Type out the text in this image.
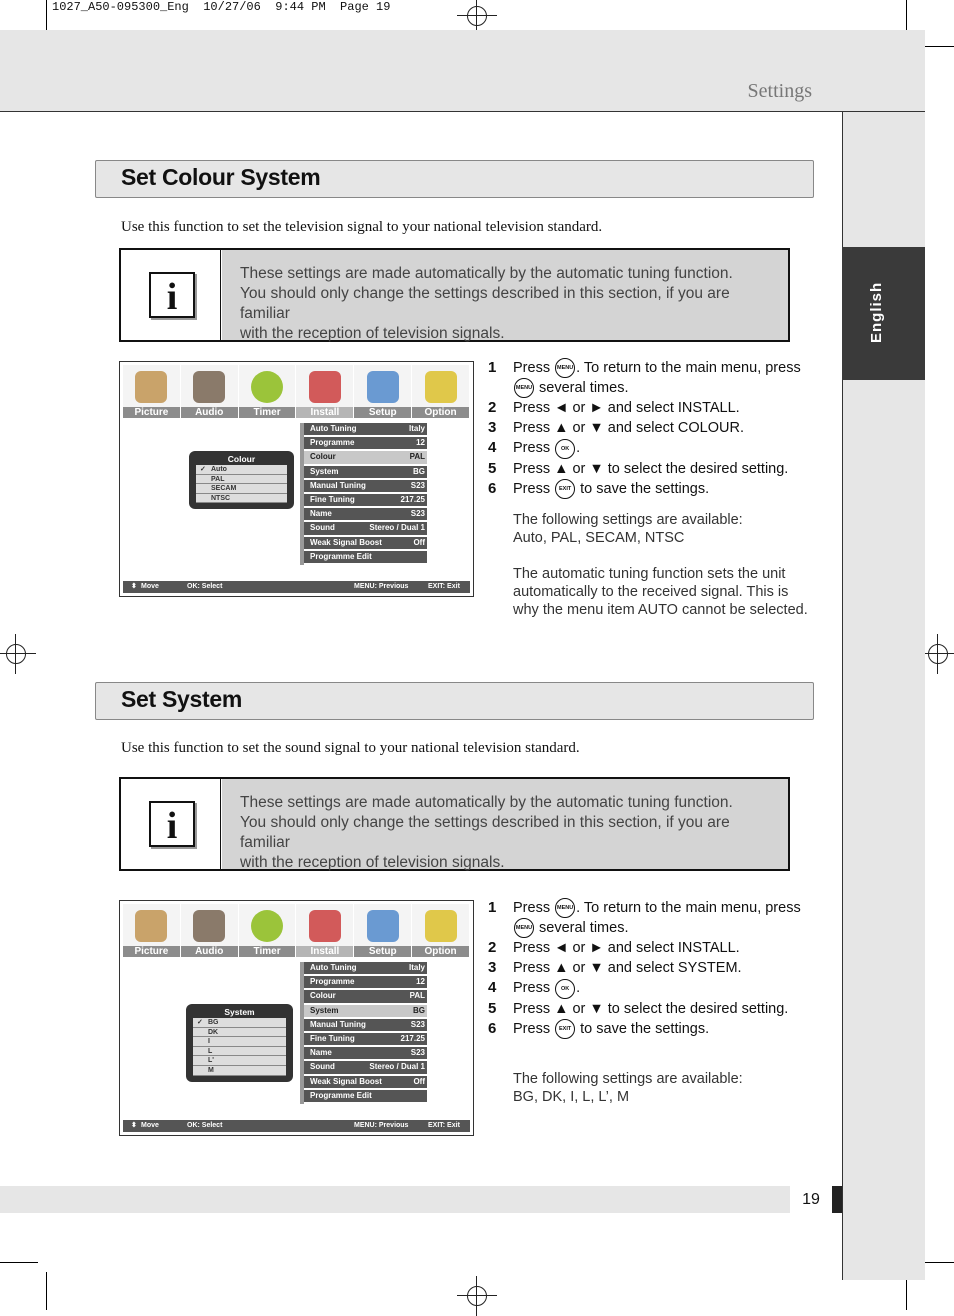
1027_A50-095300_Eng  10/27/06  9:44 PM  Page 19
Settings
English
19
Set Colour System
Use this function to set the television signal to your national television standard.
i
These settings are made automatically by the automatic tuning function.
You should only change the settings described in this section, if you are familiar
with the reception of television signals.
Picture	Audio	Timer	Install	Setup	Option
Auto Tuning	Italy
Programme	12
Colour	PAL
System	BG
Manual Tuning	S23
Fine Tuning	217.25
Name	S23
Sound	Stereo / Dual 1
Weak Signal Boost	Off
Programme Edit
Colour
✓ Auto
PAL
SECAM
NTSC
⬍ Move	OK: Select	MENU: Previous	EXIT: Exit
1 Press MENU . To return to the main menu, press
MENU several times.
2 Press ◄ or ► and select INSTALL.
3 Press ▲ or ▼ and select COLOUR.
4 Press OK .
5 Press ▲ or ▼ to select the desired setting.
6 Press EXIT to save the settings.
The following settings are available:
Auto, PAL, SECAM, NTSC
The automatic tuning function sets the unit
automatically to the received signal. This is
why the menu item AUTO cannot be selected.
Set System
Use this function to set the sound signal to your national television standard.
i
These settings are made automatically by the automatic tuning function.
You should only change the settings described in this section, if you are familiar
with the reception of television signals.
Picture	Audio	Timer	Install	Setup	Option
Auto Tuning	Italy
Programme	12
Colour	PAL
System	BG
Manual Tuning	S23
Fine Tuning	217.25
Name	S23
Sound	Stereo / Dual 1
Weak Signal Boost	Off
Programme Edit
System
✓ BG
DK
I
L
L'
M
⬍ Move	OK: Select	MENU: Previous	EXIT: Exit
1 Press MENU . To return to the main menu, press
MENU several times.
2 Press ◄ or ► and select INSTALL.
3 Press ▲ or ▼ and select SYSTEM.
4 Press OK .
5 Press ▲ or ▼ to select the desired setting.
6 Press EXIT to save the settings.
The following settings are available:
BG, DK, I, L, L’, M
